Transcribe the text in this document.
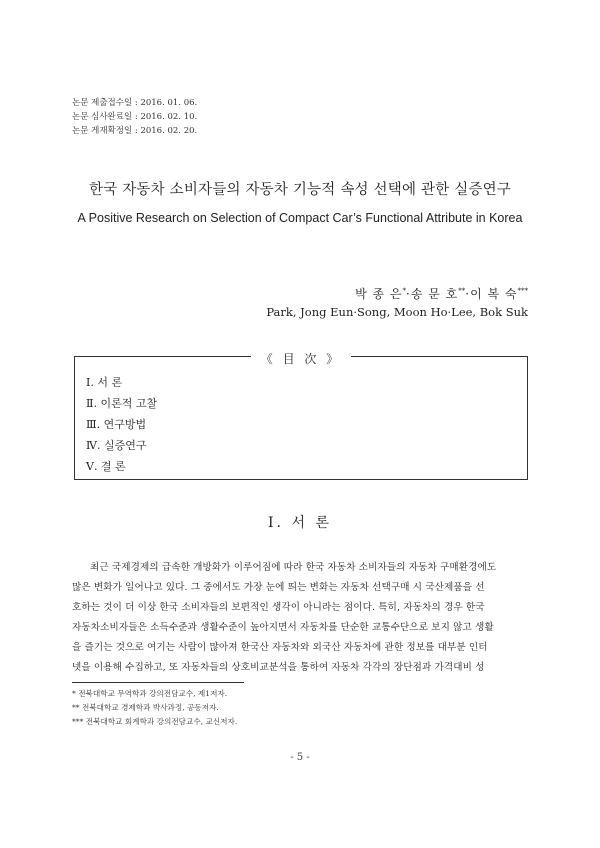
논문 제출접수일 : 2016. 01. 06.
논문 심사완료일 : 2016. 02. 10.
논문 게재확정일 : 2016. 02. 20.
한국 자동차 소비자들의 자동차 기능적 속성 선택에 관한 실증연구
A Positive Research on Selection of Compact Car’s Functional Attribute in Korea
박 종 은*·송 문 호**·이 복 숙***
Park, Jong Eun·Song, Moon Ho·Lee, Bok Suk
《 目 次 》
Ⅰ. 서 론
Ⅱ. 이론적 고찰
Ⅲ. 연구방법
Ⅳ. 실증연구
Ⅴ. 결 론
Ⅰ. 서 론
최근 국제경제의 급속한 개방화가 이루어짐에 따라 한국 자동차 소비자들의 자동차 구매환경에도
많은 변화가 일어나고 있다. 그 중에서도 가장 눈에 띄는 변화는 자동차 선택구매 시 국산제품을 선
호하는 것이 더 이상 한국 소비자들의 보편적인 생각이 아니라는 점이다. 특히, 자동차의 경우 한국
자동차소비자들은 소득수준과 생활수준이 높아지면서 자동차를 단순한 교통수단으로 보지 않고 생활
을 즐기는 것으로 여기는 사람이 많아져 한국산 자동차와 외국산 자동차에 관한 정보를 대부분 인터
넷을 이용해 수집하고, 또 자동차들의 상호비교분석을 통하여 자동차 각각의 장단점과 가격대비 성
* 전북대학교 무역학과 강의전담교수, 제1저자.
** 전북대학교 경제학과 박사과정, 공동저자.
*** 전북대학교 회계학과 강의전담교수, 교신저자.
- 5 -
